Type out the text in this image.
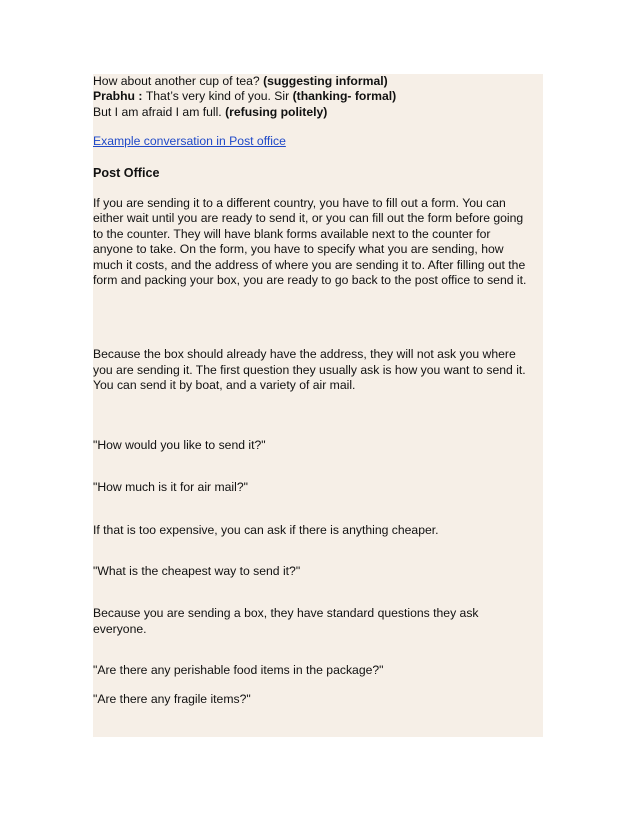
How about another cup of tea? (suggesting informal)
Prabhu : That’s very kind of you. Sir (thanking- formal)
But I am afraid I am full. (refusing politely)
Example conversation in Post office
Post Office
If you are sending it to a different country, you have to fill out a form. You can
either wait until you are ready to send it, or you can fill out the form before going
to the counter. They will have blank forms available next to the counter for
anyone to take. On the form, you have to specify what you are sending, how
much it costs, and the address of where you are sending it to. After filling out the
form and packing your box, you are ready to go back to the post office to send it.
Because the box should already have the address, they will not ask you where
you are sending it. The first question they usually ask is how you want to send it.
You can send it by boat, and a variety of air mail.
"How would you like to send it?"
"How much is it for air mail?"
If that is too expensive, you can ask if there is anything cheaper.
"What is the cheapest way to send it?"
Because you are sending a box, they have standard questions they ask
everyone.
"Are there any perishable food items in the package?"
"Are there any fragile items?"
